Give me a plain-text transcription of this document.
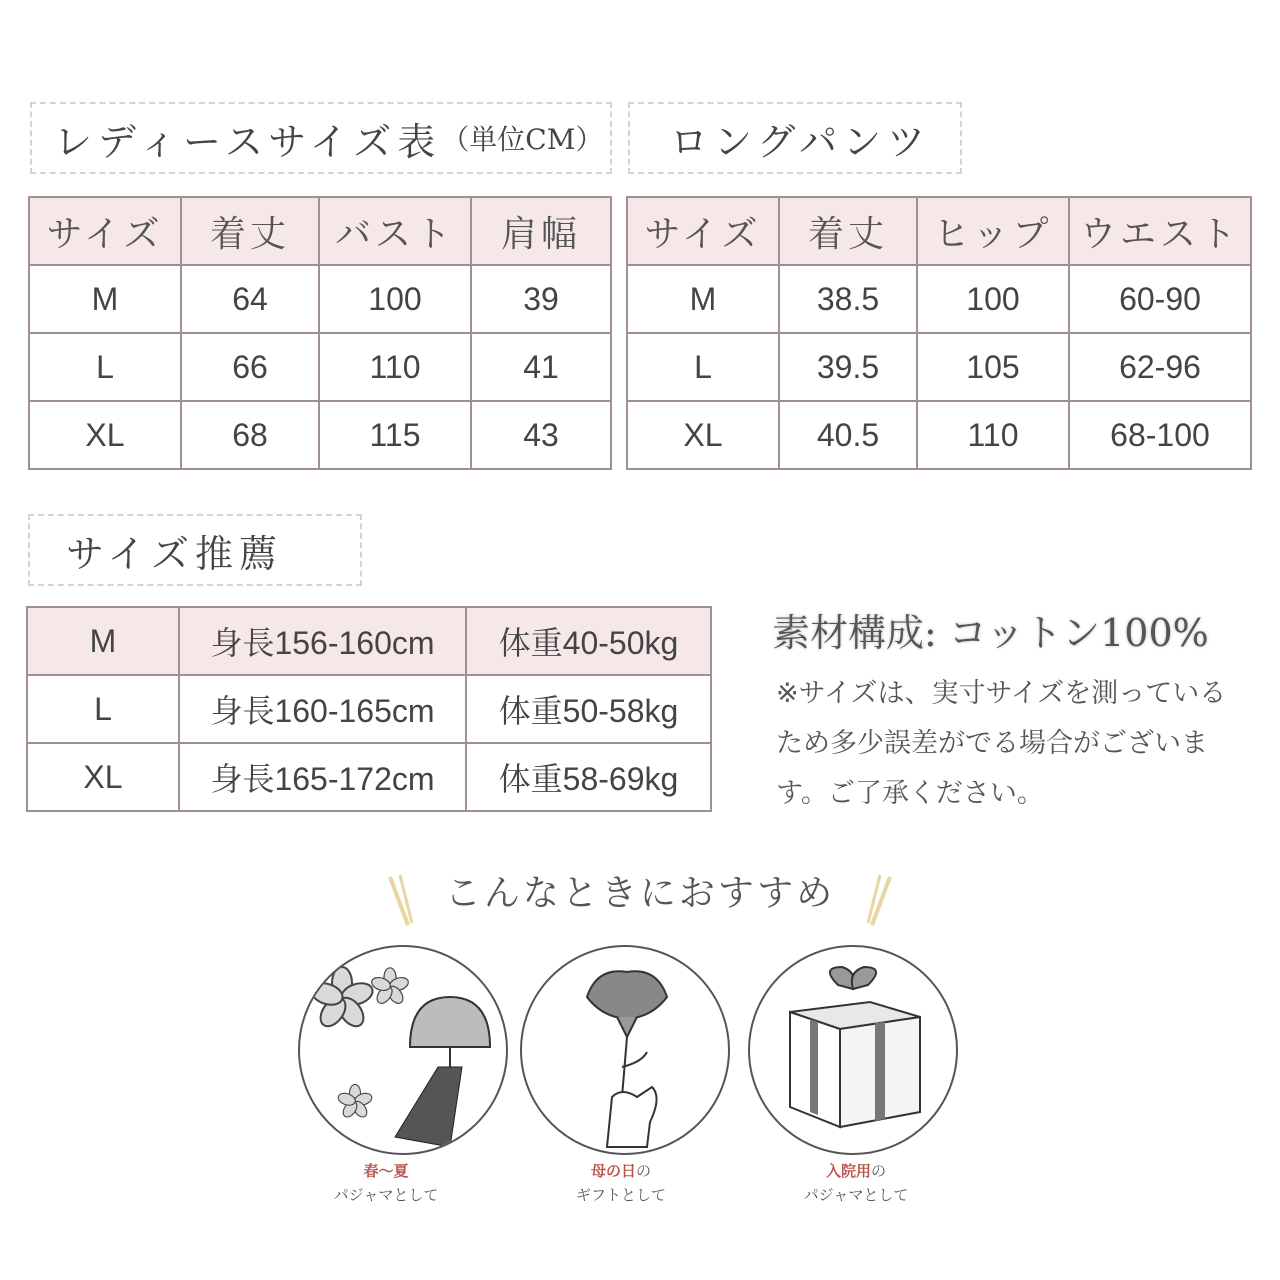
レディースサイズ表 （単位CM） ロングパンツ
サイズ	着丈	バスト	肩幅
M	64	100	39
L	66	110	41
XL	68	115	43
サイズ	着丈	ヒップ	ウエスト
M	38.5	100	60-90
L	39.5	105	62-96
XL	40.5	110	68-100
サイズ推薦
M	身長156-160cm	体重40-50kg
L	身長160-165cm	体重50-58kg
XL	身長165-172cm	体重58-69kg
素材構成: コットン100%
※サイズは、実寸サイズを測っているため多少誤差がでる場合がございます。ご了承ください。
こんなときにおすすめ
春～夏
パジャマとして
母の日の
ギフトとして
入院用の
パジャマとして
